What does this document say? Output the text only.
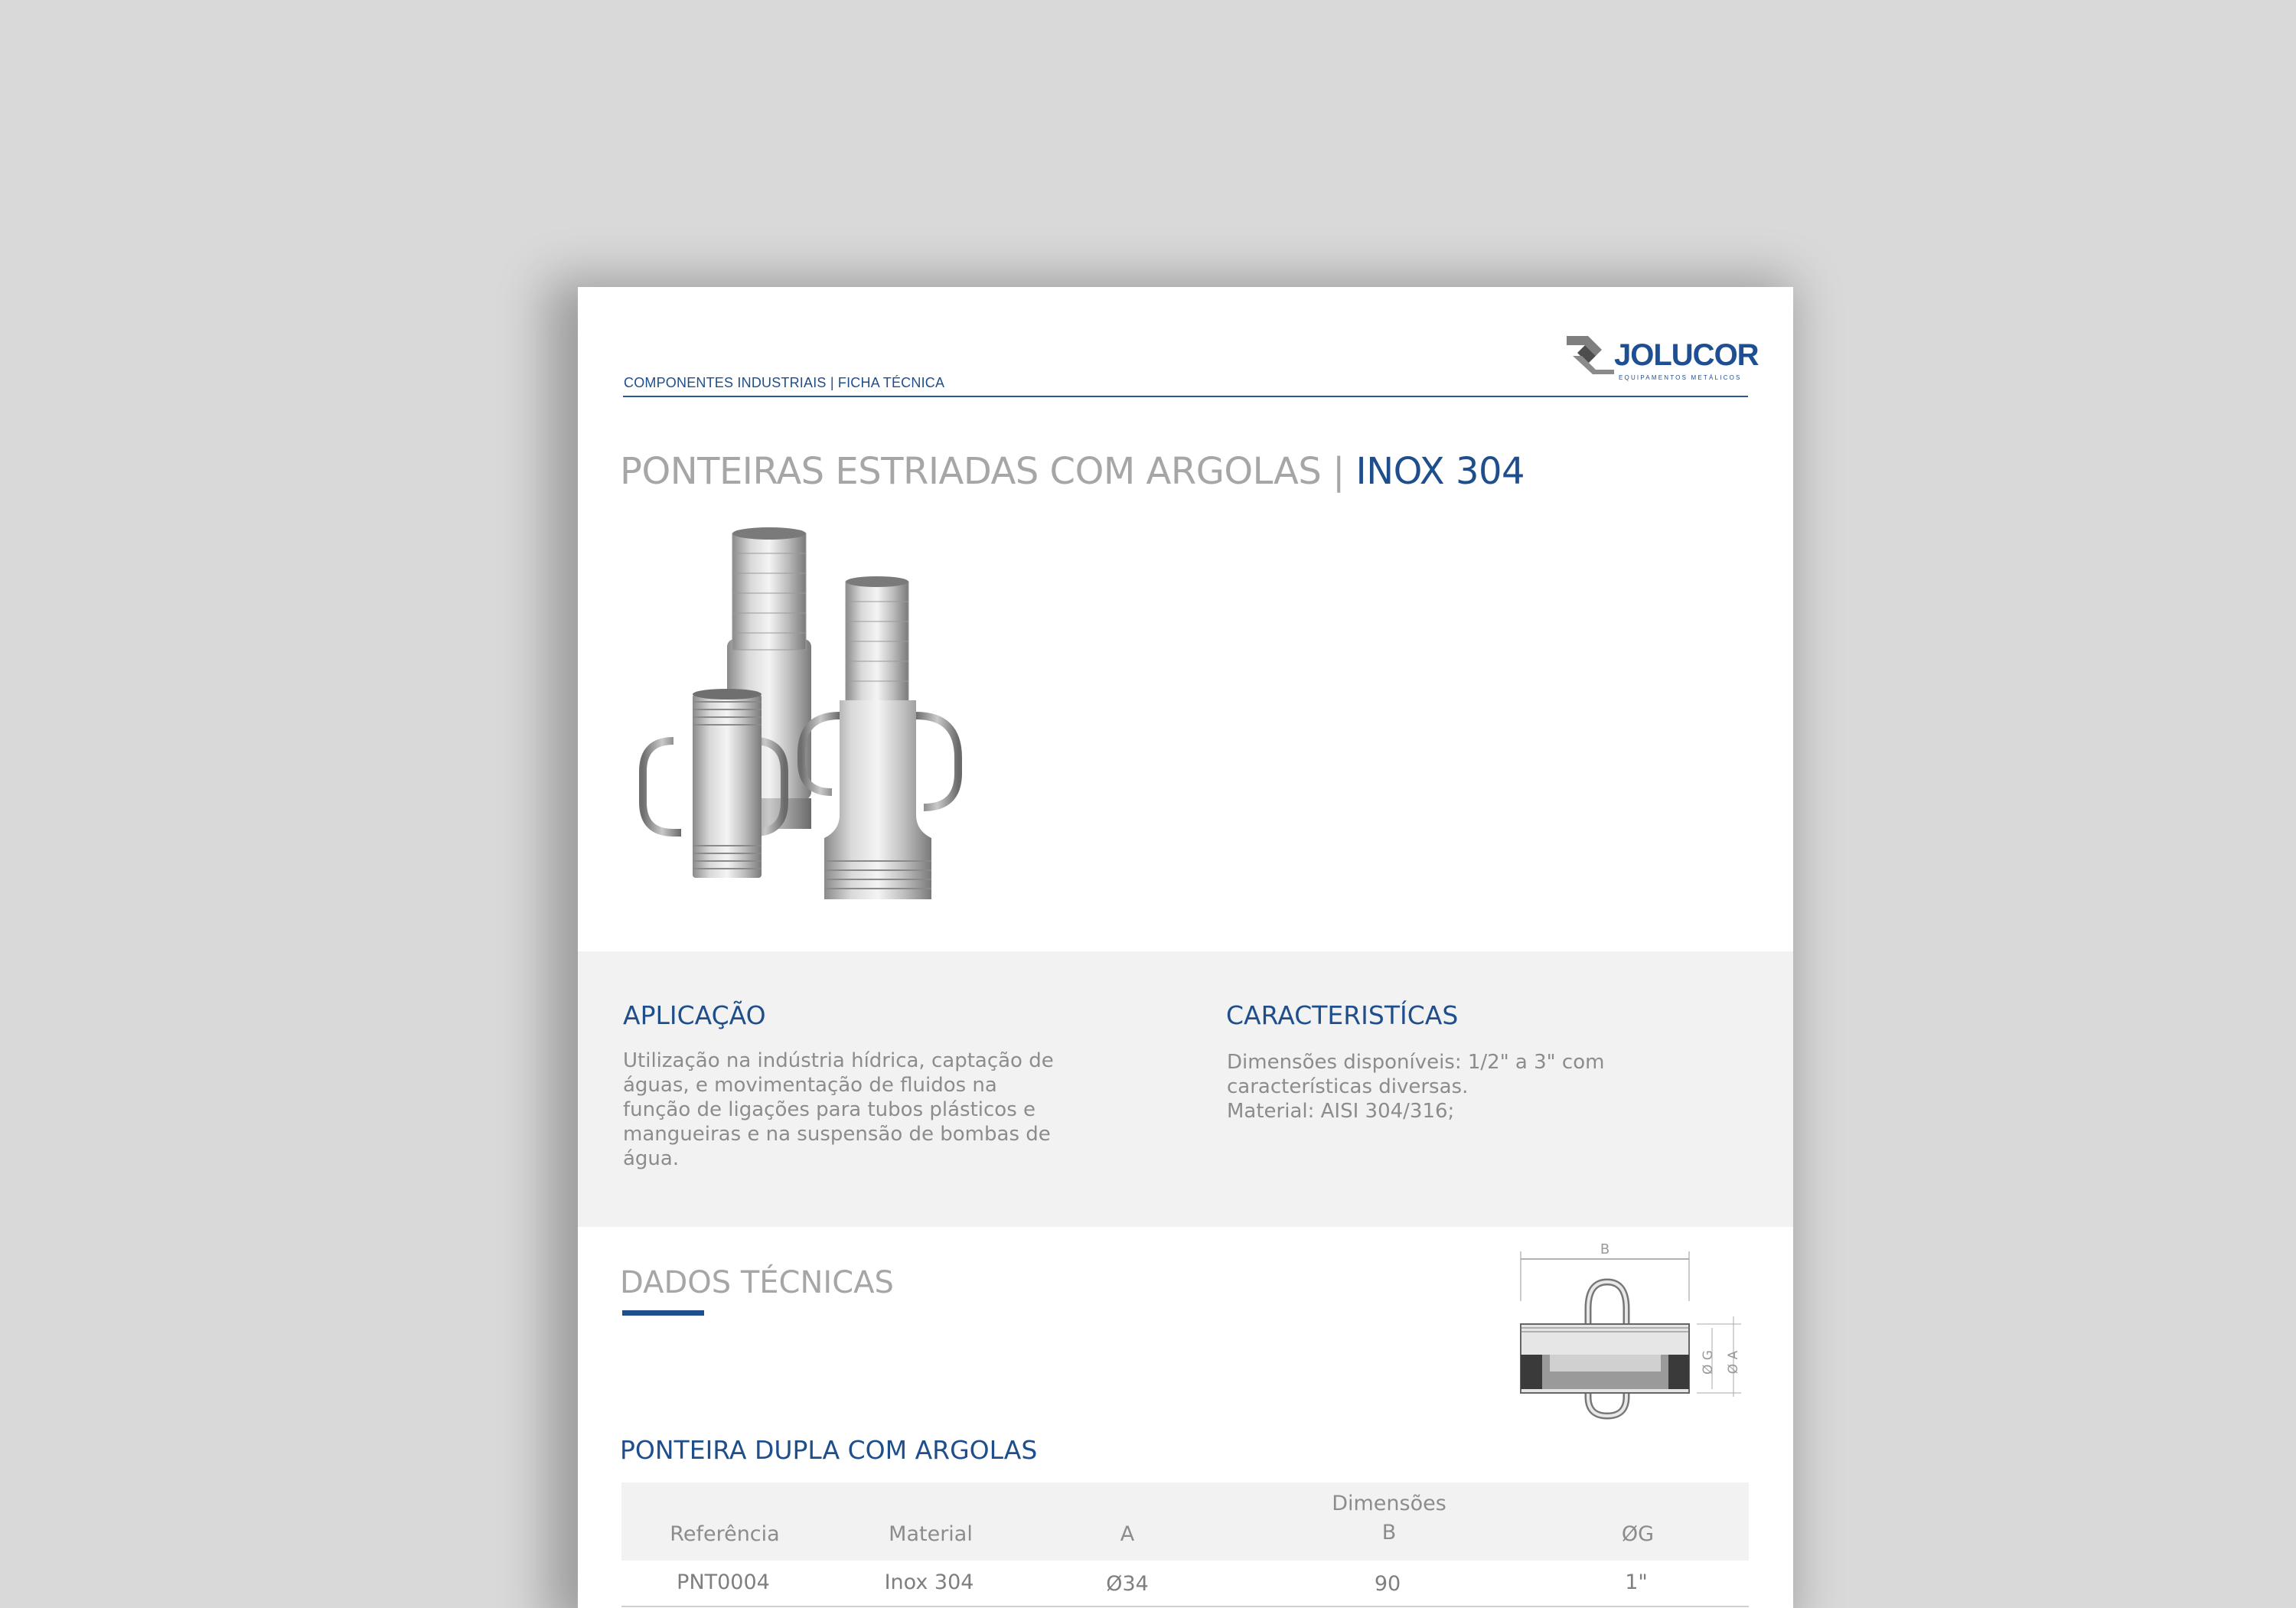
COMPONENTES INDUSTRIAIS | FICHA TÉCNICA
JOLUCOR
EQUIPAMENTOS METÁLICOS
PONTEIRAS ESTRIADAS COM ARGOLAS | INOX 304
APLICAÇÃO
Utilização na indústria hídrica, captação de
águas, e movimentação de fluidos na
função de ligações para tubos plásticos e
mangueiras e na suspensão de bombas de
água.
CARACTERISTÍCAS
Dimensões disponíveis: 1/2" a 3" com
características diversas.
Material: AISI 304/316;
DADOS TÉCNICAS
B
Ø G Ø A
PONTEIRA DUPLA COM ARGOLAS
Dimensões
Referência	Material	A	B	ØG
PNT0004	Inox 304	Ø34	90	1"
